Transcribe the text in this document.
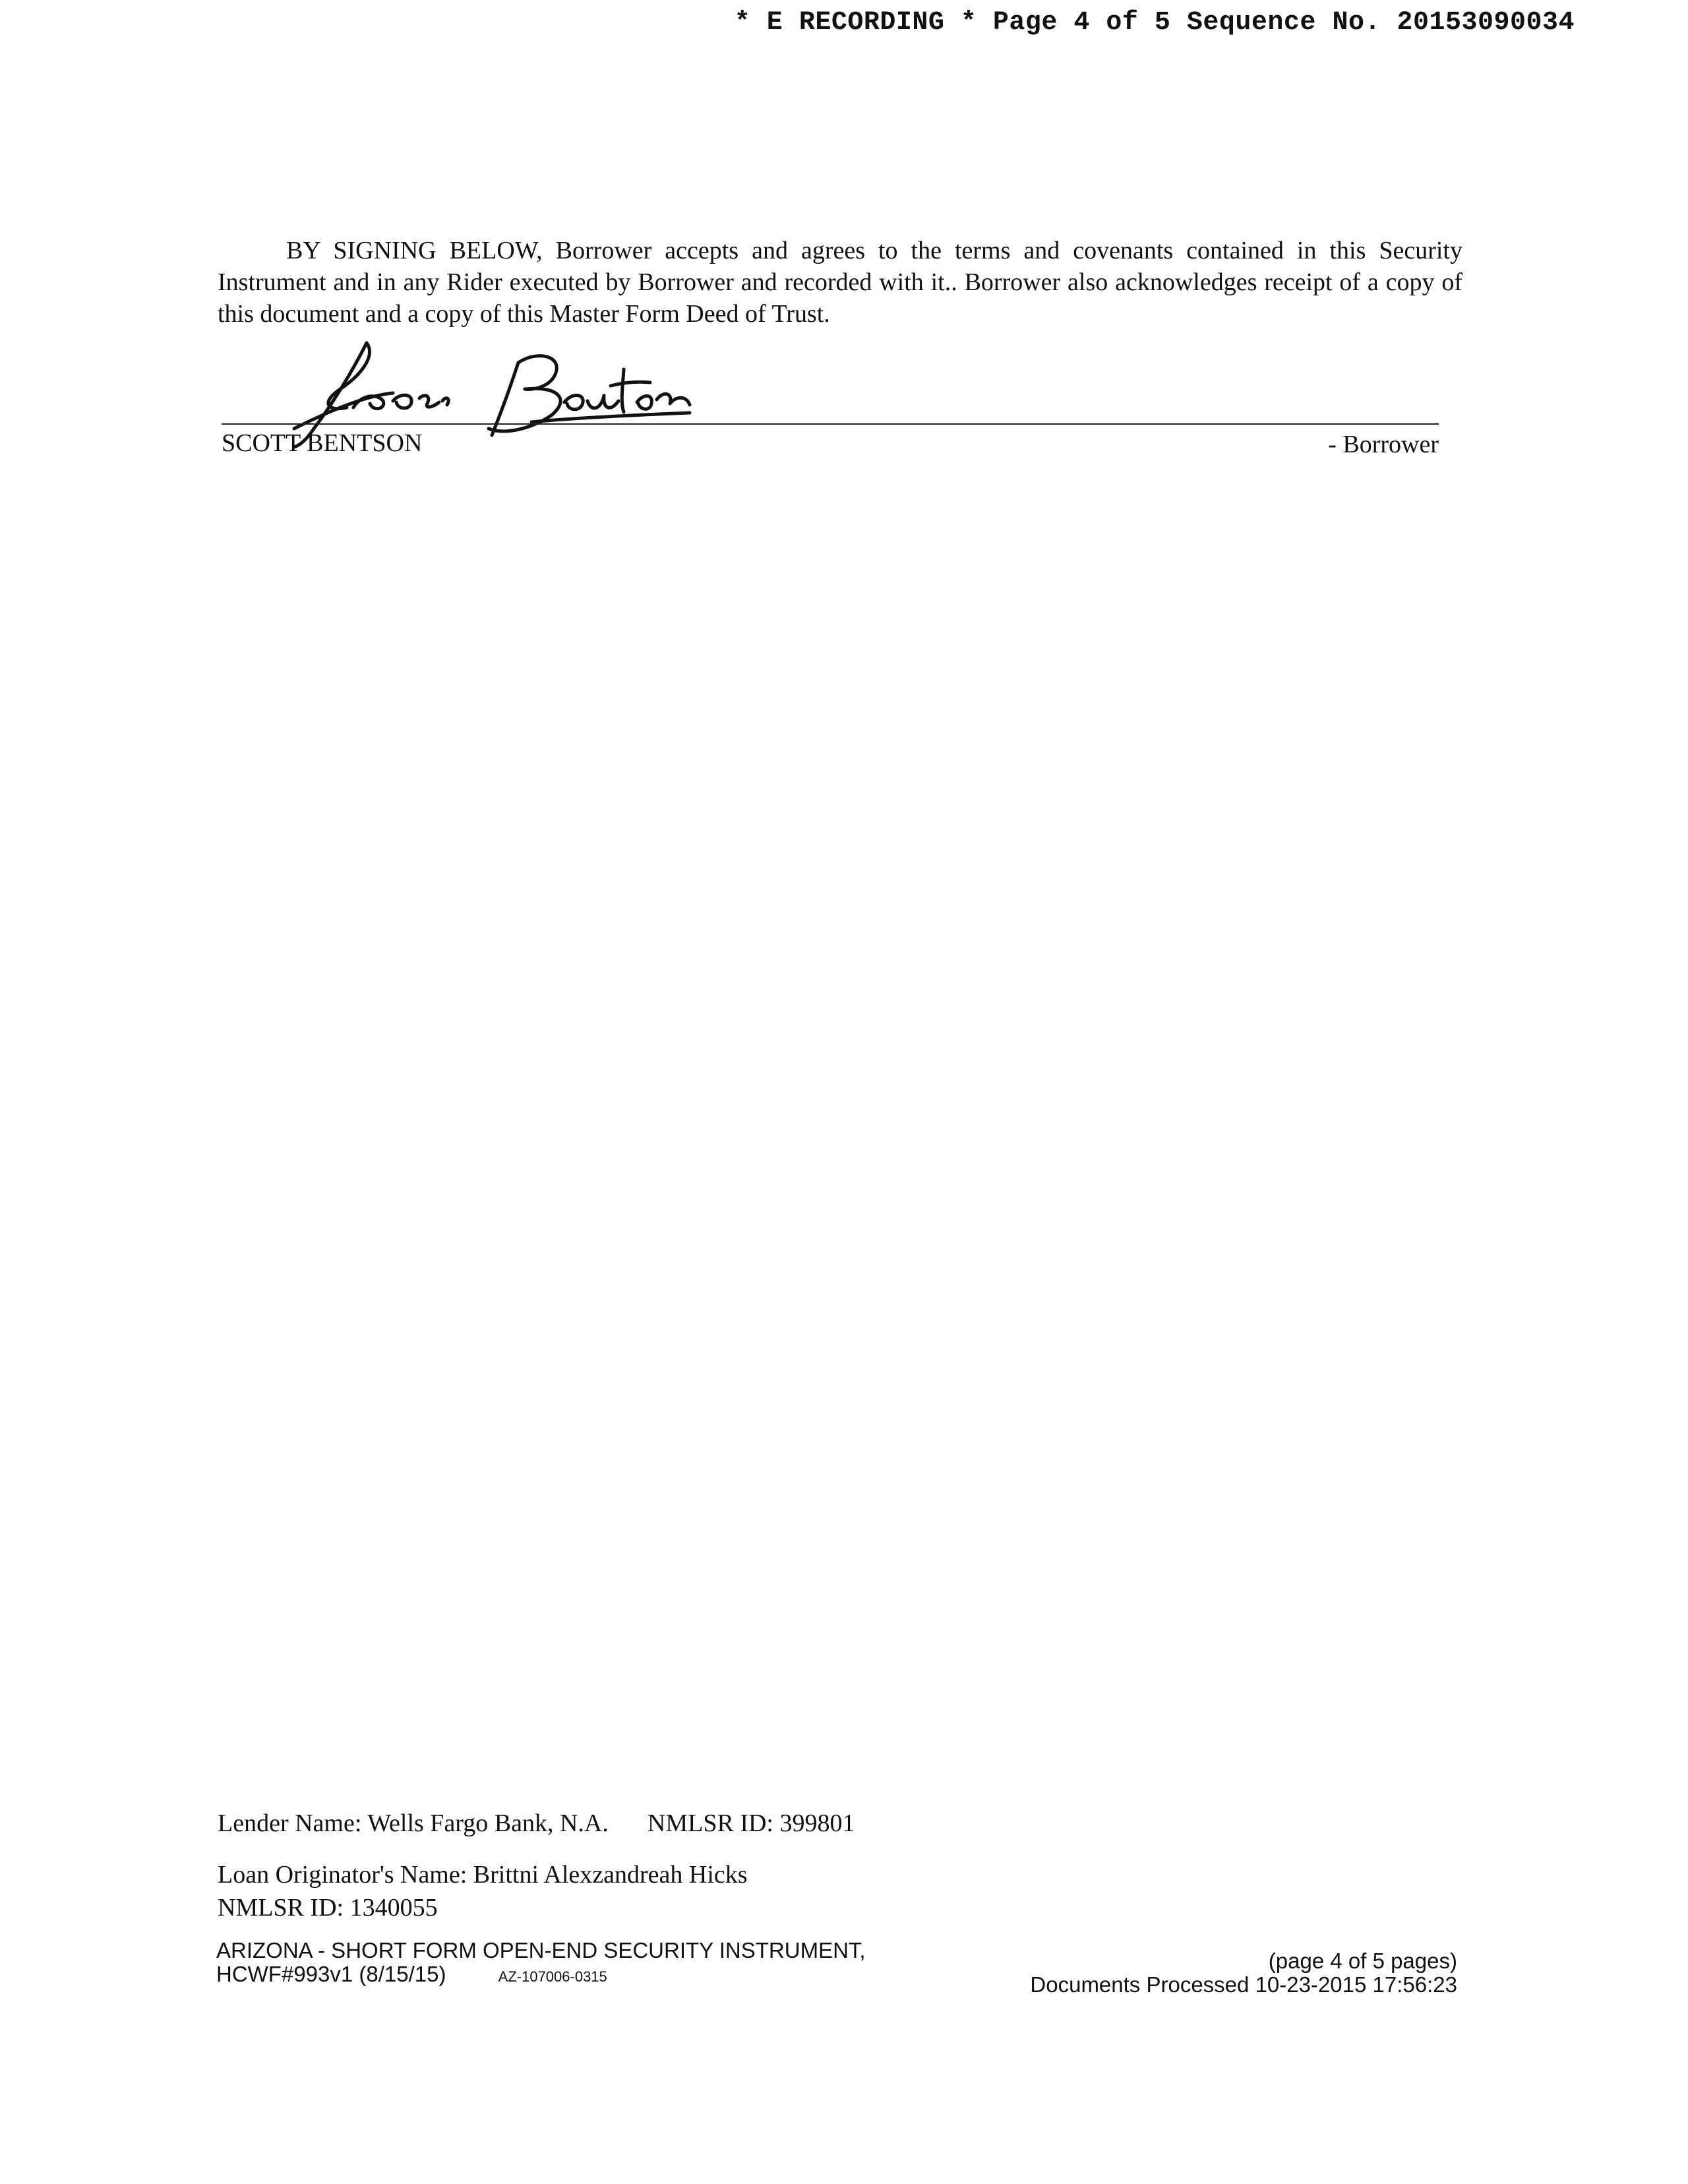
* E RECORDING * Page 4 of 5 Sequence No. 20153090034

BY SIGNING BELOW, Borrower accepts and agrees to the terms and covenants contained in this Security Instrument and in any Rider executed by Borrower and recorded with it.. Borrower also acknowledges receipt of a copy of this document and a copy of this Master Form Deed of Trust.

SCOTT BENTSON	- Borrower
Lender Name: Wells Fargo Bank, N.A. NMLSR ID: 399801
Loan Originator's Name: Brittni Alexzandreah Hicks
NMLSR ID: 1340055
ARIZONA - SHORT FORM OPEN-END SECURITY INSTRUMENT,
HCWF#993v1 (8/15/15)	AZ-107006-0315
(page 4 of 5 pages)
Documents Processed 10-23-2015 17:56:23
